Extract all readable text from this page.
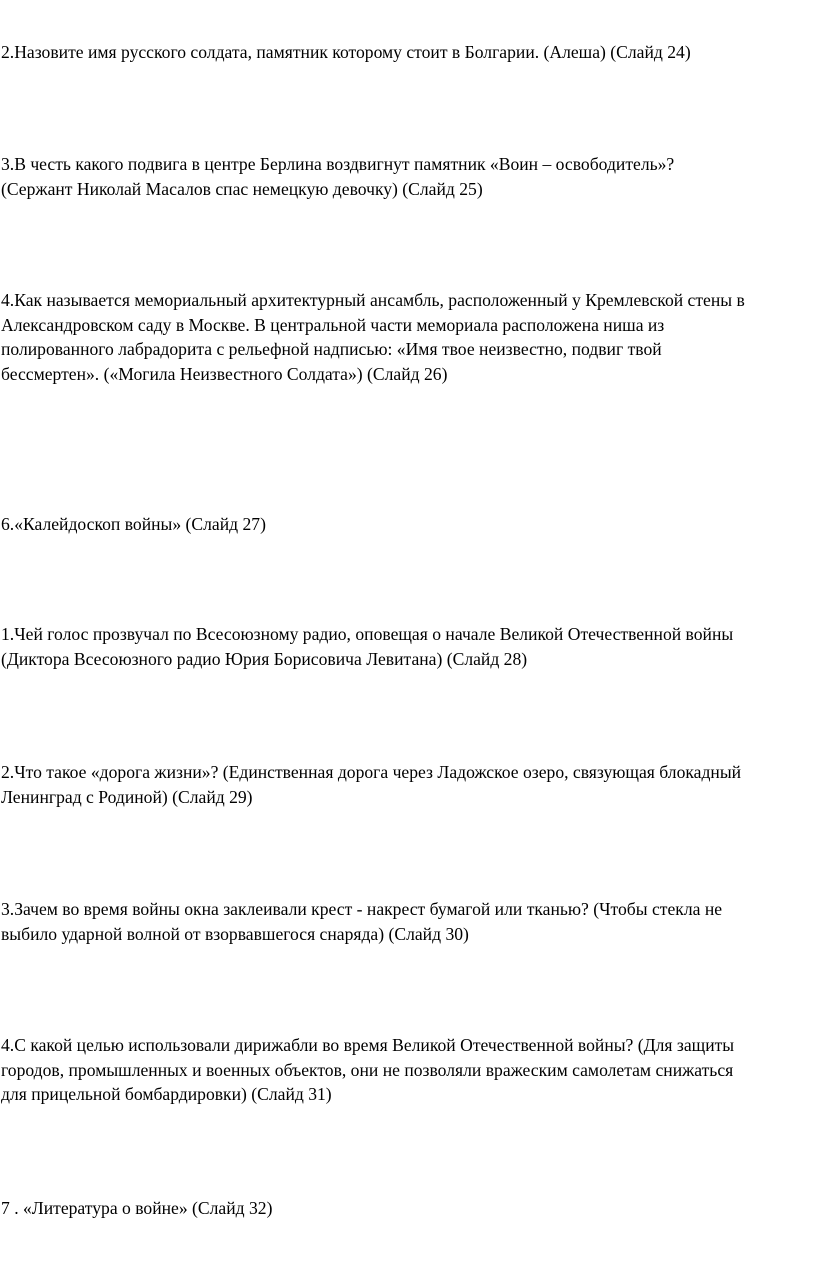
2.Назовите имя русского солдата, памятник которому стоит в Болгарии. (Алеша) (Слайд 24)
3.В честь какого подвига в центре Берлина воздвигнут памятник «Воин – освободитель»?
(Сержант Николай Масалов спас немецкую девочку) (Слайд 25)
4.Как называется мемориальный архитектурный ансамбль, расположенный у Кремлевской стены в
Александровском саду в Москве. В центральной части мемориала расположена ниша из
полированного лабрадорита с рельефной надписью: «Имя твое неизвестно, подвиг твой
бессмертен». («Могила Неизвестного Солдата») (Слайд 26)
6.«Калейдоскоп войны» (Слайд 27)
1.Чей голос прозвучал по Всесоюзному радио, оповещая о начале Великой Отечественной войны
(Диктора Всесоюзного радио Юрия Борисовича Левитана) (Слайд 28)
2.Что такое «дорога жизни»? (Единственная дорога через Ладожское озеро, связующая блокадный
Ленинград с Родиной) (Слайд 29)
3.Зачем во время войны окна заклеивали крест - накрест бумагой или тканью? (Чтобы стекла не
выбило ударной волной от взорвавшегося снаряда) (Слайд 30)
4.С какой целью использовали дирижабли во время Великой Отечественной войны? (Для защиты
городов, промышленных и военных объектов, они не позволяли вражеским самолетам снижаться
для прицельной бомбардировки) (Слайд 31)
7 . «Литература о войне» (Слайд 32)
